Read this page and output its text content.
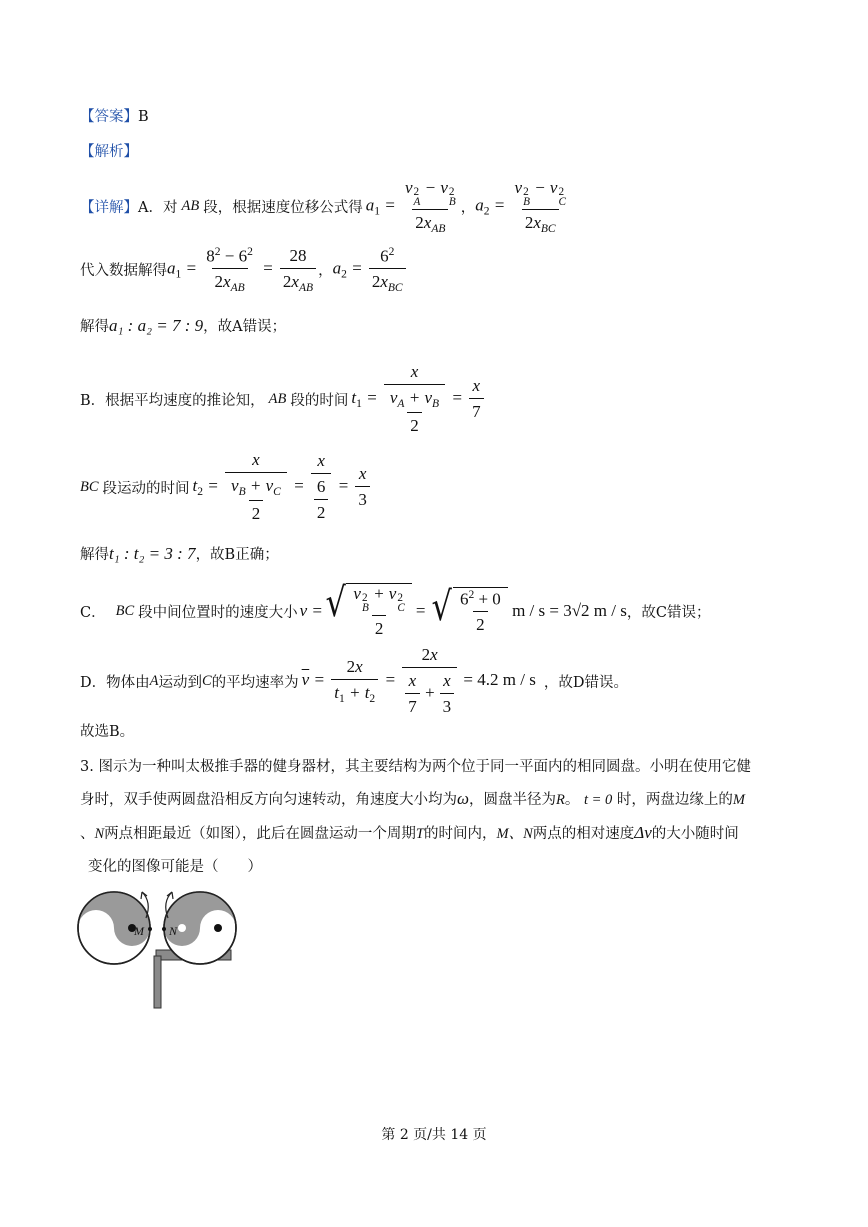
【答案】B
【解析】
【详解】 A．对 AB 段，根据速度位移公式得 $a_1 = v$ 2
A
− v 2
B
$2x_{AB}$ ， $a_2 = v$ 2
B
− v 2
C
$2x_{BC}$
代入数据解得 $a_1 = \frac{8^2 - 6^2}{2x_{AB}} = \frac{28}{2x_{AB}}$ ， $a_2 = \frac{6^2}{2x_{BC}}$
解得a₁ : a₂ = 7 : 9，故A错误；
B．根据平均速度的推论知， AB 段的时间 $t_1 = \frac{x}{\frac{v_A + v_B}{2}} = \frac{x}{7}$
BC 段运动的时间 $t_2 = \frac{x}{\frac{v_B + v_C}{2}} = \frac{x}{\frac{6}{2}} = \frac{x}{3}$
解得t₁ : t₂ = 3 : 7，故B正确；
C． BC 段中间位置时的速度大小 v = √ v 2
B
+ v 2
C
2 = √ $\frac{6^2 + 0}{2}$ m / s = 3√2 m / s ，故C错误；
D．物体由 A 运动到 C 的平均速率为 $\overline{v} = \frac{2x}{t_1 + t_2} = \frac{2x}{\frac{x}{7} + \frac{x}{3}} = 4.2$ m / s ，故D错误。
故选B。
3. 图示为一种叫太极推手器的健身器材，其主要结构为两个位于同一平面内的相同圆盘。小明在使用它健
身时，双手使两圆盘沿相反方向匀速转动，角速度大小均为ω，圆盘半径为R。 t = 0 时，两盘边缘上的M
、N两点相距最近（如图），此后在圆盘运动一个周期T的时间内，M、N两点的相对速度Δv的大小随时间
变化的图像可能是（　　）
M N
第 2 页/共 14 页
